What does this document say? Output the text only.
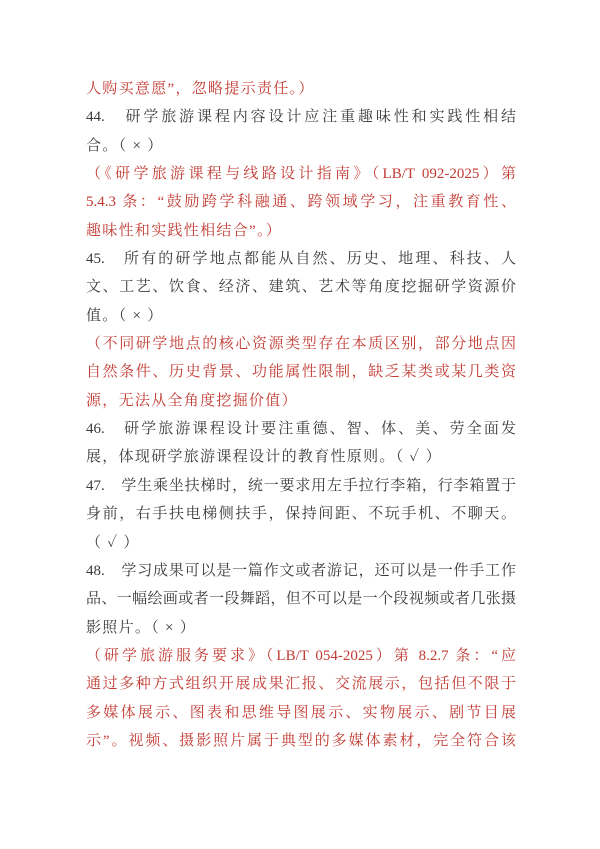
人购买意愿”，忽略提示责任。）
44.　研学旅游课程内容设计应注重趣味性和实践性相结
合。（ × ）
（《研学旅游课程与线路设计指南》（LB/T 092-2025）第
5.4.3 条：“鼓励跨学科融通、跨领域学习，注重教育性、
趣味性和实践性相结合”。）
45.　所有的研学地点都能从自然、历史、地理、科技、人
文、工艺、饮食、经济、建筑、艺术等角度挖掘研学资源价
值。（ × ）
（不同研学地点的核心资源类型存在本质区别，部分地点因
自然条件、历史背景、功能属性限制，缺乏某类或某几类资
源，无法从全角度挖掘价值）
46.　研学旅游课程设计要注重德、智、体、美、劳全面发
展，体现研学旅游课程设计的教育性原则。（ ✓ ）
47.　学生乘坐扶梯时，统一要求用左手拉行李箱，行李箱置于
身前，右手扶电梯侧扶手，保持间距、不玩手机、不聊天。
（ ✓ ）
48.　学习成果可以是一篇作文或者游记，还可以是一件手工作
品、一幅绘画或者一段舞蹈，但不可以是一个段视频或者几张摄
影照片。（ × ）
（研学旅游服务要求》（LB/T 054-2025）第 8.2.7 条：“应
通过多种方式组织开展成果汇报、交流展示，包括但不限于
多媒体展示、图表和思维导图展示、实物展示、剧节目展
示”。视频、摄影照片属于典型的多媒体素材，完全符合该
